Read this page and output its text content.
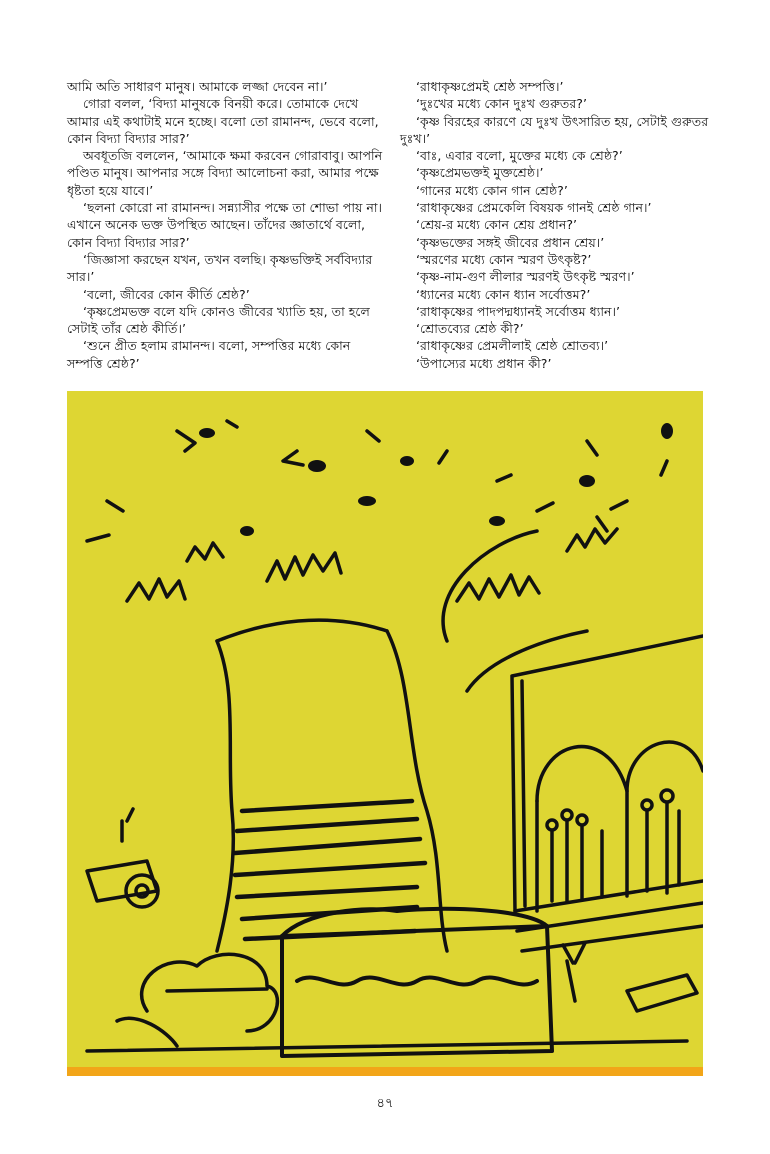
আমি অতি সাধারণ মানুষ। আমাকে লজ্জা দেবেন না।’

গোরা বলল, ‘বিদ্যা মানুষকে বিনয়ী করে। তোমাকে দেখে আমার এই কথাটাই মনে হচ্ছে। বলো তো রামানন্দ, ভেবে বলো, কোন বিদ্যা বিদ্যার সার?’

অবধূতজি বললেন, ‘আমাকে ক্ষমা করবেন গোরাবাবু। আপনি পণ্ডিত মানুষ। আপনার সঙ্গে বিদ্যা আলোচনা করা, আমার পক্ষে ধৃষ্টতা হয়ে যাবে।’

‘ছলনা কোরো না রামানন্দ। সন্ন্যাসীর পক্ষে তা শোভা পায় না। এখানে অনেক ভক্ত উপস্থিত আছেন। তাঁদের জ্ঞাতার্থে বলো, কোন বিদ্যা বিদ্যার সার?’

‘জিজ্ঞাসা করছেন যখন, তখন বলছি। কৃষ্ণভক্তিই সর্ববিদ্যার সার।’

‘বলো, জীবের কোন কীর্তি শ্রেষ্ঠ?’

‘কৃষ্ণপ্রেমভক্ত বলে যদি কোনও জীবের খ্যাতি হয়, তা হলে সেটাই তাঁর শ্রেষ্ঠ কীর্তি।’

‘শুনে প্রীত হলাম রামানন্দ। বলো, সম্পত্তির মধ্যে কোন সম্পত্তি শ্রেষ্ঠ?’

‘রাধাকৃষ্ণপ্রেমই শ্রেষ্ঠ সম্পত্তি।’

‘দুঃখের মধ্যে কোন দুঃখ গুরুতর?’

‘কৃষ্ণ বিরহের কারণে যে দুঃখ উৎসারিত হয়, সেটাই গুরুতর দুঃখ।’

‘বাঃ, এবার বলো, মুক্তের মধ্যে কে শ্রেষ্ঠ?’

‘কৃষ্ণপ্রেমভক্তই মুক্তশ্রেষ্ঠ।’

‘গানের মধ্যে কোন গান শ্রেষ্ঠ?’

‘রাধাকৃষ্ণের প্রেমকেলি বিষয়ক গানই শ্রেষ্ঠ গান।’

‘শ্রেয়-র মধ্যে কোন শ্রেয় প্রধান?’

‘কৃষ্ণভক্তের সঙ্গই জীবের প্রধান শ্রেয়।’

‘স্মরণের মধ্যে কোন স্মরণ উৎকৃষ্ট?’

‘কৃষ্ণ-নাম-গুণ লীলার স্মরণই উৎকৃষ্ট স্মরণ।’

‘ধ্যানের মধ্যে কোন ধ্যান সর্বোত্তম?’

‘রাধাকৃষ্ণের পাদপদ্মধ্যানই সর্বোত্তম ধ্যান।’

‘শ্রোতব্যের শ্রেষ্ঠ কী?’

‘রাধাকৃষ্ণের প্রেমলীলাই শ্রেষ্ঠ শ্রোতব্য।’

‘উপাস্যের মধ্যে প্রধান কী?’

৪৭
